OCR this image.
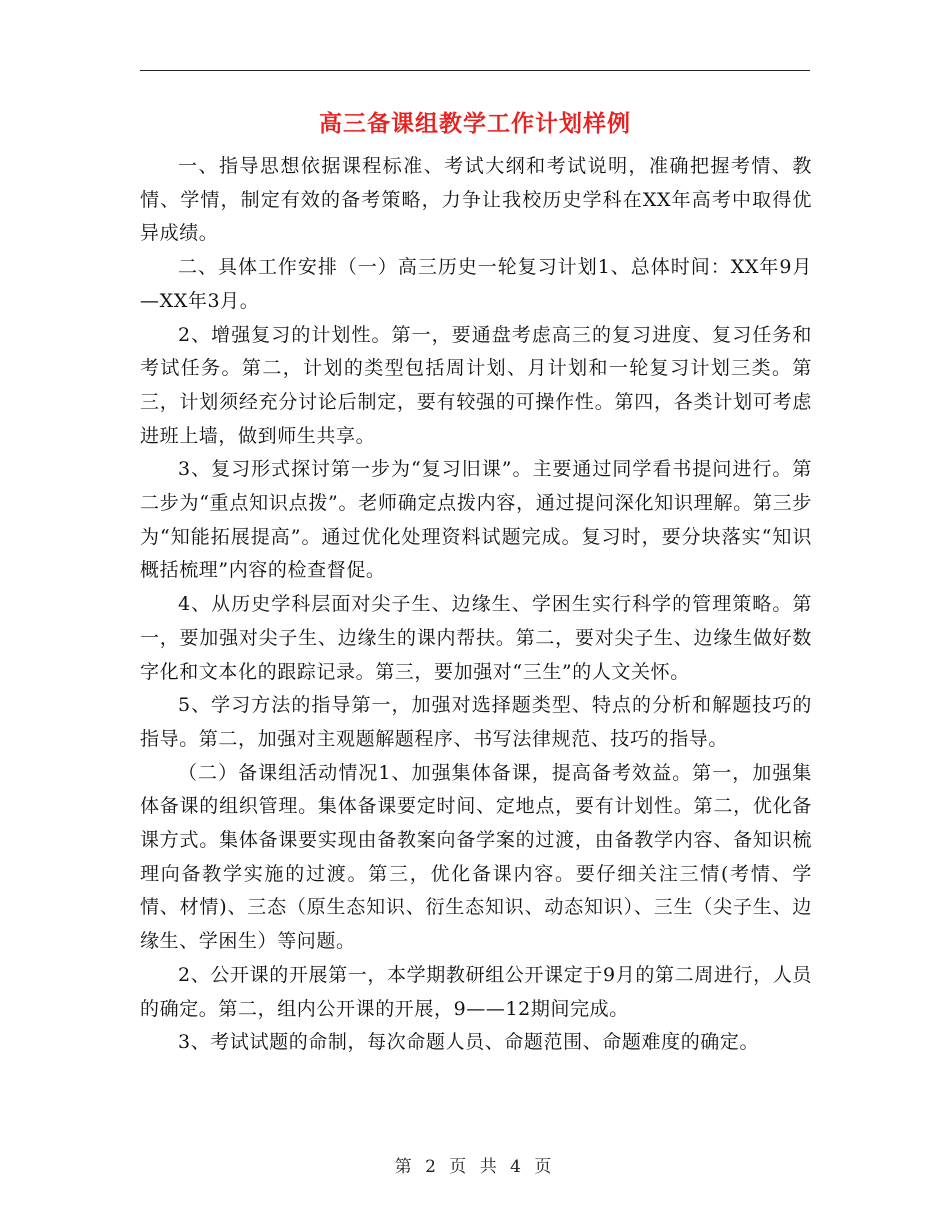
高三备课组教学工作计划样例

一、指导思想依据课程标准、考试大纲和考试说明，准确把握考情、教情、学情，制定有效的备考策略，力争让我校历史学科在XX年高考中取得优异成绩。

二、具体工作安排（一）高三历史一轮复习计划1、总体时间：XX年9月—XX年3月。

2、增强复习的计划性。第一，要通盘考虑高三的复习进度、复习任务和考试任务。第二，计划的类型包括周计划、月计划和一轮复习计划三类。第三，计划须经充分讨论后制定，要有较强的可操作性。第四，各类计划可考虑进班上墙，做到师生共享。

3、复习形式探讨第一步为“复习旧课”。主要通过同学看书提问进行。第二步为“重点知识点拨”。老师确定点拨内容，通过提问深化知识理解。第三步为“知能拓展提高”。通过优化处理资料试题完成。复习时，要分块落实“知识概括梳理”内容的检查督促。

4、从历史学科层面对尖子生、边缘生、学困生实行科学的管理策略。第一，要加强对尖子生、边缘生的课内帮扶。第二，要对尖子生、边缘生做好数字化和文本化的跟踪记录。第三，要加强对“三生”的人文关怀。

5、学习方法的指导第一，加强对选择题类型、特点的分析和解题技巧的指导。第二，加强对主观题解题程序、书写法律规范、技巧的指导。

（二）备课组活动情况1、加强集体备课，提高备考效益。第一，加强集体备课的组织管理。集体备课要定时间、定地点，要有计划性。第二，优化备课方式。集体备课要实现由备教案向备学案的过渡，由备教学内容、备知识梳理向备教学实施的过渡。第三，优化备课内容。要仔细关注三情(考情、学情、材情)、三态（原生态知识、衍生态知识、动态知识）、三生（尖子生、边缘生、学困生）等问题。

2、公开课的开展第一，本学期教研组公开课定于9月的第二周进行，人员的确定。第二，组内公开课的开展，9——12期间完成。

3、考试试题的命制，每次命题人员、命题范围、命题难度的确定。

第 2 页 共 4 页
